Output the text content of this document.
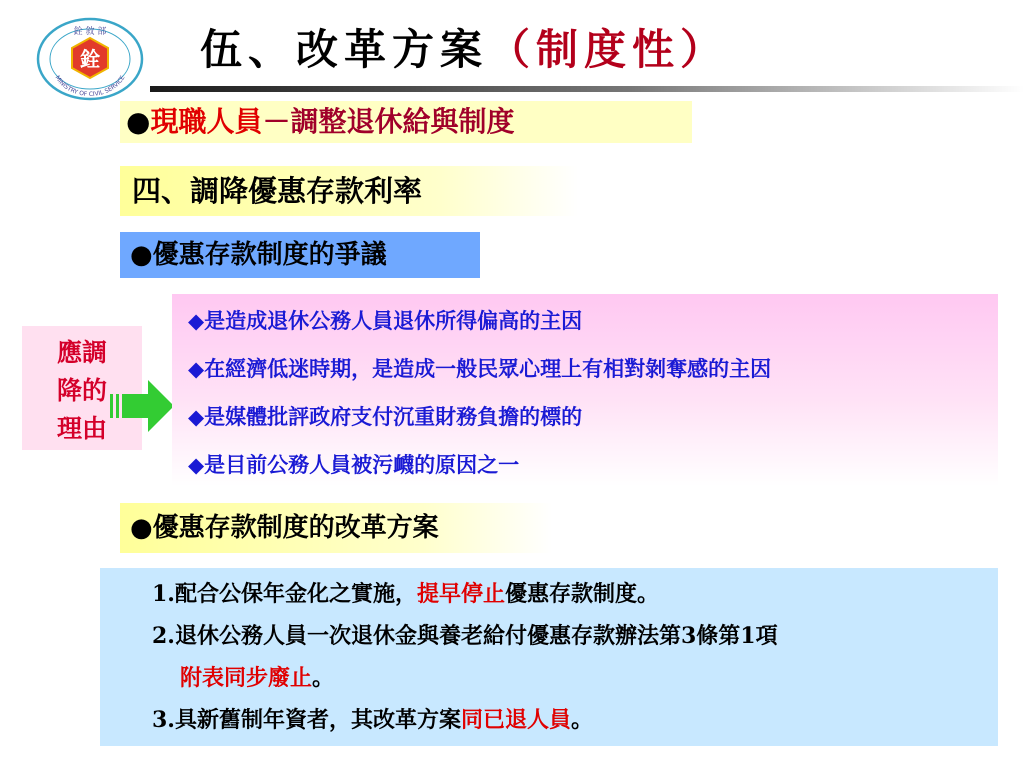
銓 敘 部
銓
MINISTRY OF CIVIL SERVICE
伍、改革方案（制度性）
●現職人員－調整退休給與制度
四、調降優惠存款利率
●優惠存款制度的爭議
應調
降的
理由
◆是造成退休公務人員退休所得偏高的主因
◆在經濟低迷時期，是造成一般民眾心理上有相對剝奪感的主因
◆是媒體批評政府支付沉重財務負擔的標的
◆是目前公務人員被污衊的原因之一
●優惠存款制度的改革方案
1.配合公保年金化之實施，提早停止優惠存款制度。
2.退休公務人員一次退休金與養老給付優惠存款辦法第3條第1項
附表同步廢止。
3.具新舊制年資者，其改革方案同已退人員。
